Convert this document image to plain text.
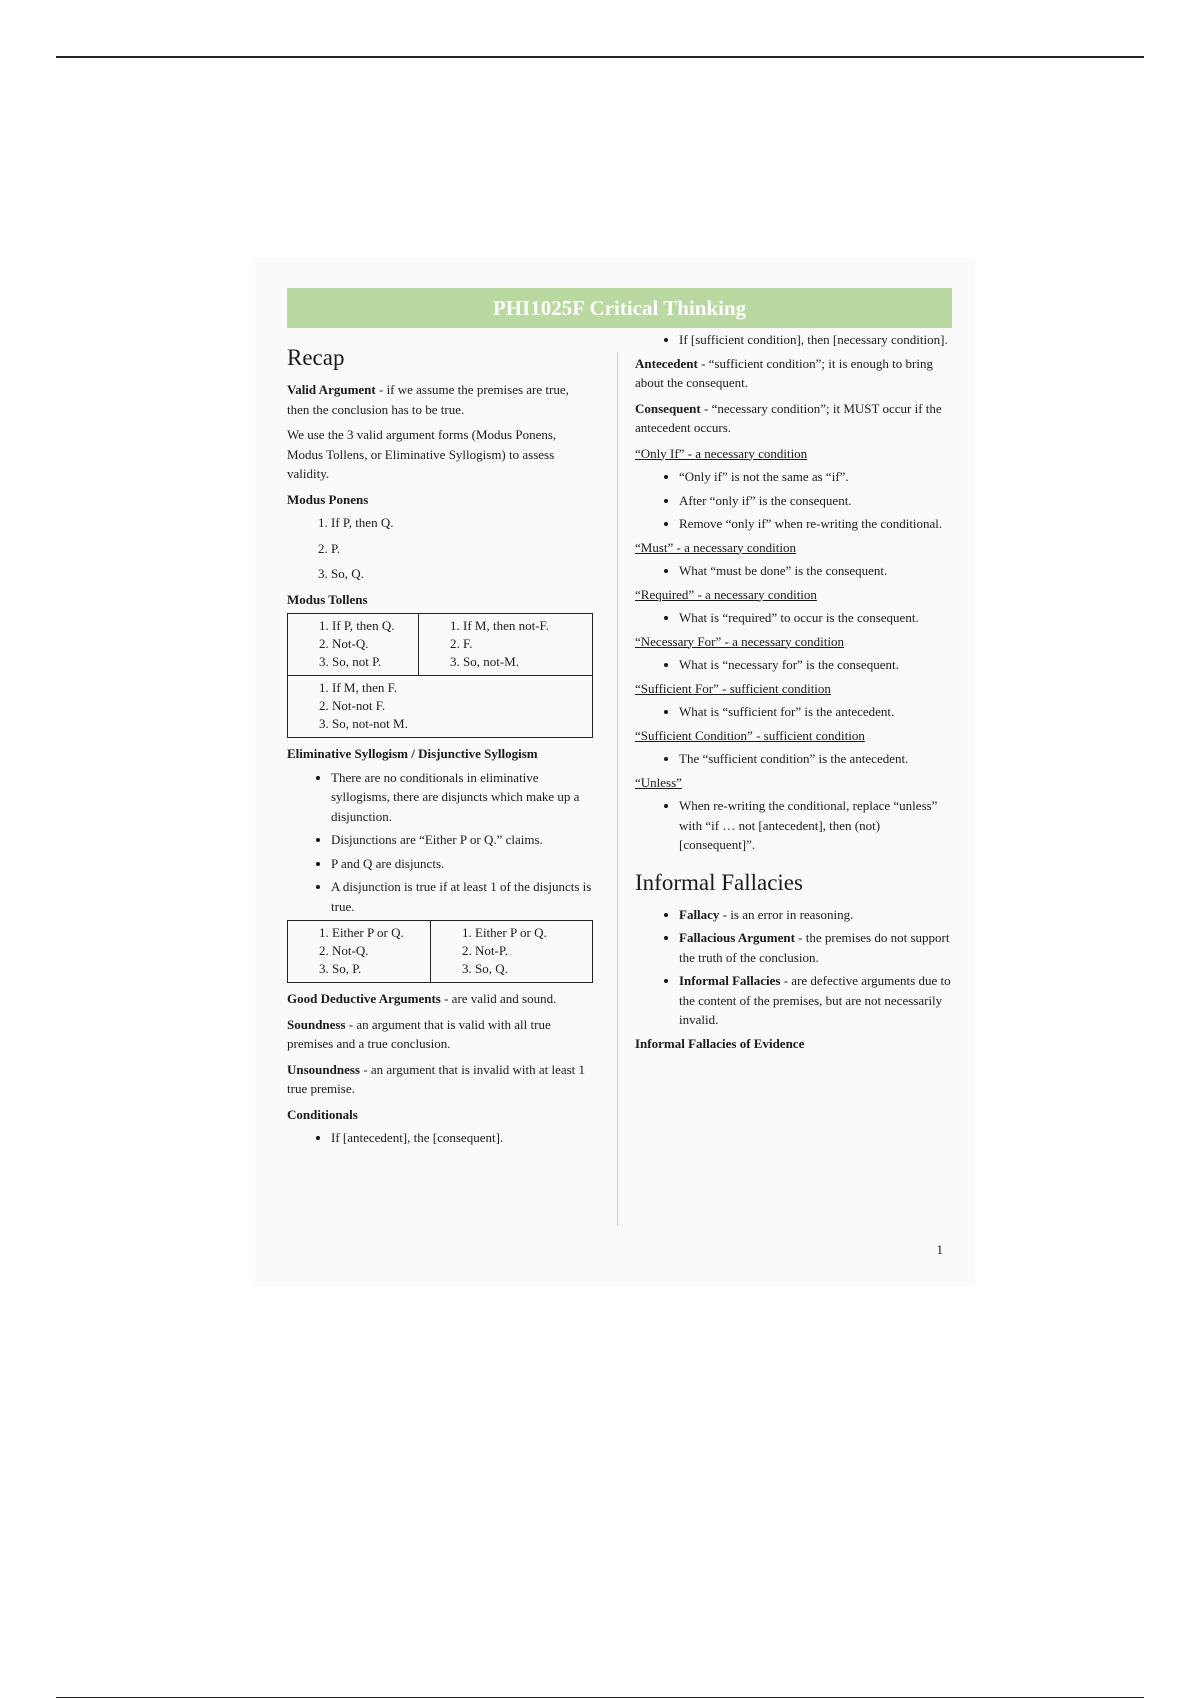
PHI1025F Critical Thinking
Recap

Valid Argument - if we assume the premises are true, then the conclusion has to be true.

We use the 3 valid argument forms (Modus Ponens, Modus Tollens, or Eliminative Syllogism) to assess validity.

Modus Ponens
1. If P, then Q.
2. P.
3. So, Q.
Modus Tollens
1. If P, then Q.
2. Not-Q.
3. So, not P.

1. If M, then not-F.
2. F.
3. So, not-M.

1. If M, then F.
2. Not-not F.
3. So, not-not M.
Eliminative Syllogism / Disjunctive Syllogism
• There are no conditionals in eliminative syllogisms, there are disjuncts which make up a disjunction.
• Disjunctions are “Either P or Q.” claims.
• P and Q are disjuncts.
• A disjunction is true if at least 1 of the disjuncts is true.
1. Either P or Q.
2. Not-Q.
3. So, P.

1. Either P or Q.
2. Not-P.
3. So, Q.

Good Deductive Arguments - are valid and sound.

Soundness - an argument that is valid with all true premises and a true conclusion.

Unsoundness - an argument that is invalid with at least 1 true premise.

Conditionals
• If [antecedent], the [consequent].
• If [sufficient condition], then [necessary condition].

Antecedent - “sufficient condition”; it is enough to bring about the consequent.

Consequent - “necessary condition”; it MUST occur if the antecedent occurs.

“Only If” - a necessary condition
• “Only if” is not the same as “if”.
• After “only if” is the consequent.
• Remove “only if” when re-writing the conditional.
“Must” - a necessary condition
• What “must be done” is the consequent.
“Required” - a necessary condition
• What is “required” to occur is the consequent.
“Necessary For” - a necessary condition
• What is “necessary for” is the consequent.
“Sufficient For” - sufficient condition
• What is “sufficient for” is the antecedent.
“Sufficient Condition” - sufficient condition
• The “sufficient condition” is the antecedent.
“Unless”
• When re-writing the conditional, replace “unless” with “if … not [antecedent], then (not) [consequent]”.
Informal Fallacies
• Fallacy - is an error in reasoning.
• Fallacious Argument - the premises do not support the truth of the conclusion.
• Informal Fallacies - are defective arguments due to the content of the premises, but are not necessarily invalid.
Informal Fallacies of Evidence
1
